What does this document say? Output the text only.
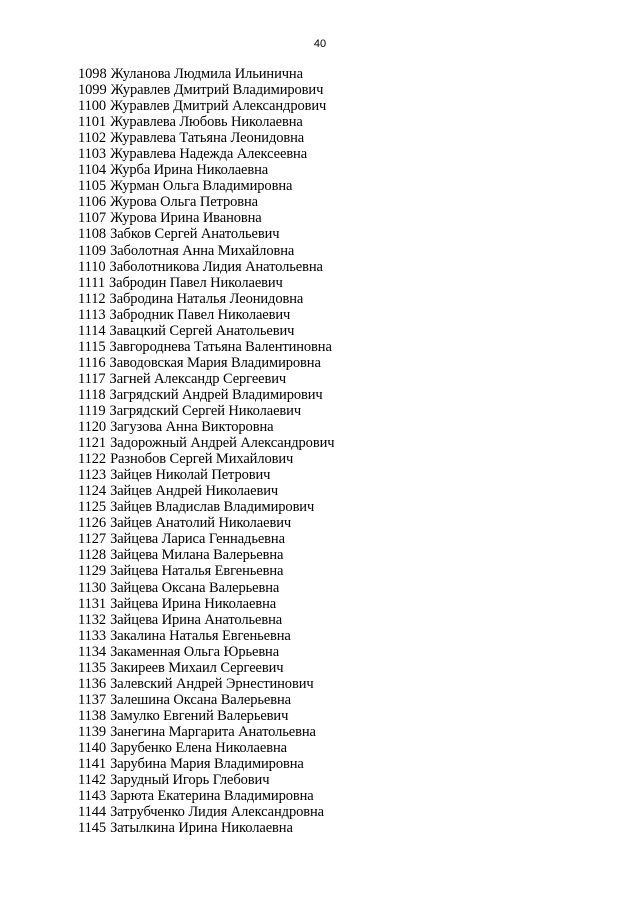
40
1098 Жуланова Людмила Ильинична
1099 Журавлев Дмитрий Владимирович
1100 Журавлев Дмитрий Александрович
1101 Журавлева Любовь Николаевна
1102 Журавлева Татьяна Леонидовна
1103 Журавлева Надежда Алексеевна
1104 Журба Ирина Николаевна
1105 Журман Ольга Владимировна
1106 Журова Ольга Петровна
1107 Журова Ирина Ивановна
1108 Забков Сергей Анатольевич
1109 Заболотная Анна Михайловна
1110 Заболотникова Лидия Анатольевна
1111 Забродин Павел Николаевич
1112 Забродина Наталья Леонидовна
1113 Забродник Павел Николаевич
1114 Завацкий Сергей Анатольевич
1115 Завгороднева Татьяна Валентиновна
1116 Заводовская Мария Владимировна
1117 Загней Александр Сергеевич
1118 Загрядский Андрей Владимирович
1119 Загрядский Сергей Николаевич
1120 Загузова Анна Викторовна
1121 Задорожный Андрей Александрович
1122 Разнобов Сергей Михайлович
1123 Зайцев Николай Петрович
1124 Зайцев Андрей Николаевич
1125 Зайцев Владислав Владимирович
1126 Зайцев Анатолий Николаевич
1127 Зайцева Лариса Геннадьевна
1128 Зайцева Милана Валерьевна
1129 Зайцева Наталья Евгеньевна
1130 Зайцева Оксана Валерьевна
1131 Зайцева Ирина Николаевна
1132 Зайцева Ирина Анатольевна
1133 Закалина Наталья Евгеньевна
1134 Закаменная Ольга Юрьевна
1135 Закиреев Михаил Сергеевич
1136 Залевский Андрей Эрнестинович
1137 Залешина Оксана Валерьевна
1138 Замулко Евгений Валерьевич
1139 Занегина Маргарита Анатольевна
1140 Зарубенко Елена Николаевна
1141 Зарубина Мария Владимировна
1142 Зарудный Игорь Глебович
1143 Зарюта Екатерина Владимировна
1144 Затрубченко Лидия Александровна
1145 Затылкина Ирина Николаевна
